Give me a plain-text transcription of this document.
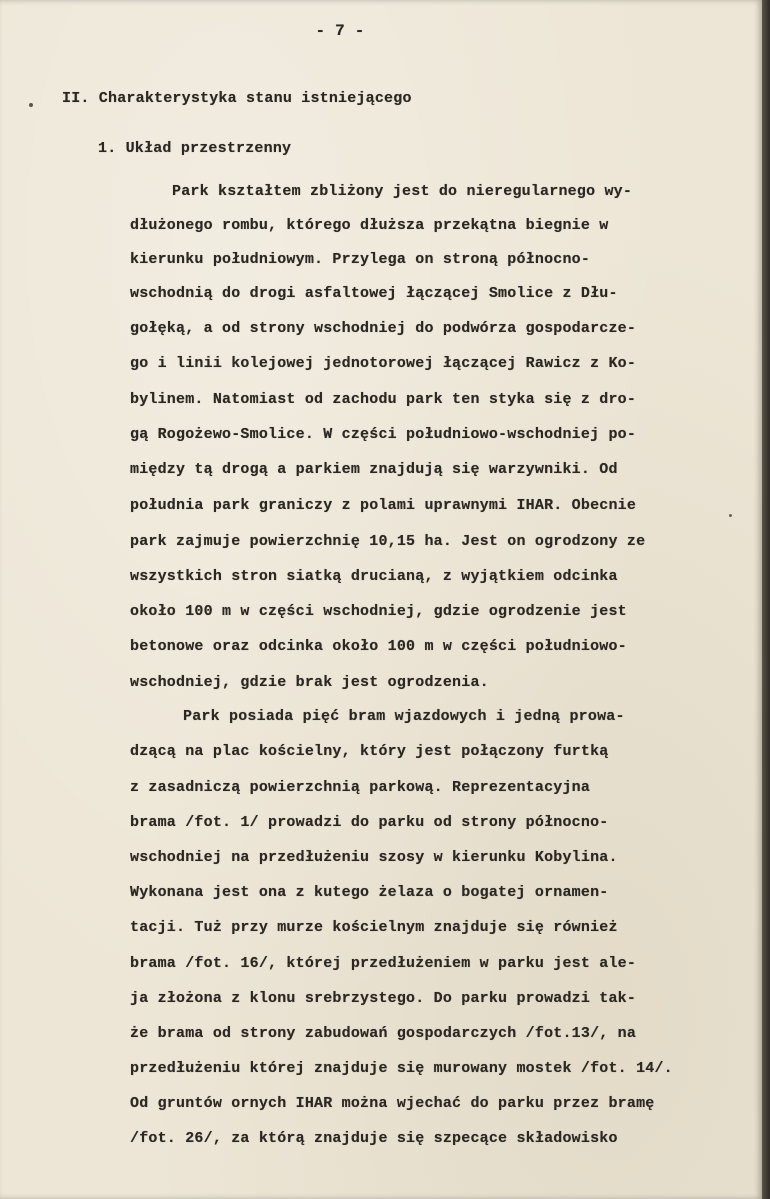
- 7 -
II. Charakterystyka stanu istniejącego
1. Układ przestrzenny
Park kształtem zbliżony jest do nieregularnego wy-
dłużonego rombu, którego dłuższa przekątna biegnie w
kierunku południowym. Przylega on stroną północno-
wschodnią do drogi asfaltowej łączącej Smolice z Dłu-
gołęką, a od strony wschodniej do podwórza gospodarcze-
go i linii kolejowej jednotorowej łączącej Rawicz z Ko-
bylinem. Natomiast od zachodu park ten styka się z dro-
gą Rogożewo-Smolice. W części południowo-wschodniej po-
między tą drogą a parkiem znajdują się warzywniki. Od
południa park graniczy z polami uprawnymi IHAR. Obecnie
park zajmuje powierzchnię 10,15 ha. Jest on ogrodzony ze
wszystkich stron siatką drucianą, z wyjątkiem odcinka
około 100 m w części wschodniej, gdzie ogrodzenie jest
betonowe oraz odcinka około 100 m w części południowo-
wschodniej, gdzie brak jest ogrodzenia.
Park posiada pięć bram wjazdowych i jedną prowa-
dzącą na plac kościelny, który jest połączony furtką
z zasadniczą powierzchnią parkową. Reprezentacyjna
brama /fot. 1/ prowadzi do parku od strony północno-
wschodniej na przedłużeniu szosy w kierunku Kobylina.
Wykonana jest ona z kutego żelaza o bogatej ornamen-
tacji. Tuż przy murze kościelnym znajduje się również
brama /fot. 16/, której przedłużeniem w parku jest ale-
ja złożona z klonu srebrzystego. Do parku prowadzi tak-
że brama od strony zabudowań gospodarczych /fot.13/, na
przedłużeniu której znajduje się murowany mostek /fot. 14/.
Od gruntów ornych IHAR można wjechać do parku przez bramę
/fot. 26/, za którą znajduje się szpecące składowisko
